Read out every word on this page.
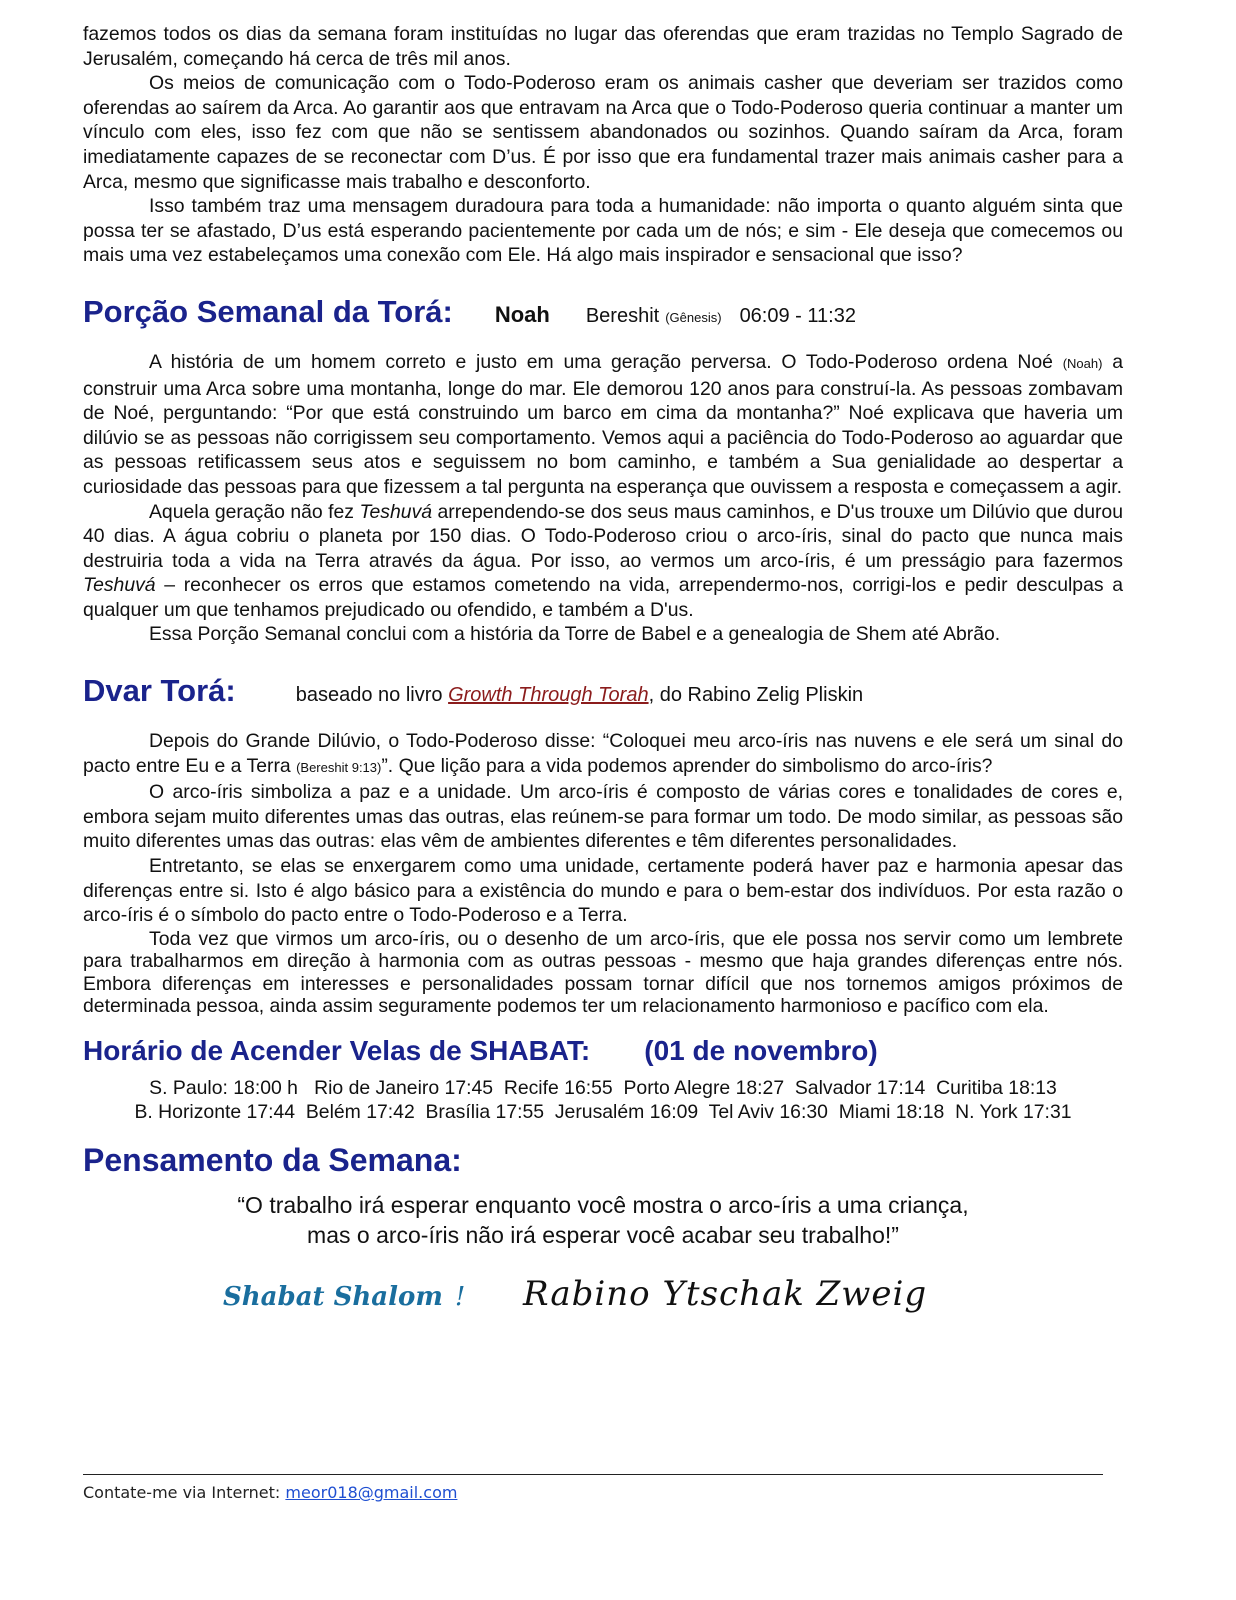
fazemos todos os dias da semana foram instituídas no lugar das oferendas que eram trazidas no Templo Sagrado de Jerusalém, começando há cerca de três mil anos.

Os meios de comunicação com o Todo-Poderoso eram os animais casher que deveriam ser trazidos como oferendas ao saírem da Arca. Ao garantir aos que entravam na Arca que o Todo-Poderoso queria continuar a manter um vínculo com eles, isso fez com que não se sentissem abandonados ou sozinhos. Quando saíram da Arca, foram imediatamente capazes de se reconectar com D’us. É por isso que era fundamental trazer mais animais casher para a Arca, mesmo que significasse mais trabalho e desconforto.

Isso também traz uma mensagem duradoura para toda a humanidade: não importa o quanto alguém sinta que possa ter se afastado, D’us está esperando pacientemente por cada um de nós; e sim - Ele deseja que comecemos ou mais uma vez estabeleçamos uma conexão com Ele. Há algo mais inspirador e sensacional que isso?

Porção Semanal da Torá: Noah Bereshit (Gênesis) 06:09 - 11:32

A história de um homem correto e justo em uma geração perversa. O Todo-Poderoso ordena Noé (Noah) a construir uma Arca sobre uma montanha, longe do mar. Ele demorou 120 anos para construí-la. As pessoas zombavam de Noé, perguntando: “Por que está construindo um barco em cima da montanha?” Noé explicava que haveria um dilúvio se as pessoas não corrigissem seu comportamento. Vemos aqui a paciência do Todo-Poderoso ao aguardar que as pessoas retificassem seus atos e seguissem no bom caminho, e também a Sua genialidade ao despertar a curiosidade das pessoas para que fizessem a tal pergunta na esperança que ouvissem a resposta e começassem a agir.

Aquela geração não fez Teshuvá arrependendo-se dos seus maus caminhos, e D'us trouxe um Dilúvio que durou 40 dias. A água cobriu o planeta por 150 dias. O Todo-Poderoso criou o arco-íris, sinal do pacto que nunca mais destruiria toda a vida na Terra através da água. Por isso, ao vermos um arco-íris, é um presságio para fazermos Teshuvá – reconhecer os erros que estamos cometendo na vida, arrependermo-nos, corrigi-los e pedir desculpas a qualquer um que tenhamos prejudicado ou ofendido, e também a D'us.

Essa Porção Semanal conclui com a história da Torre de Babel e a genealogia de Shem até Abrão.

Dvar Torá:	baseado no livro Growth Through Torah, do Rabino Zelig Pliskin

Depois do Grande Dilúvio, o Todo-Poderoso disse: “Coloquei meu arco-íris nas nuvens e ele será um sinal do pacto entre Eu e a Terra (Bereshit 9:13)”. Que lição para a vida podemos aprender do simbolismo do arco-íris?

O arco-íris simboliza a paz e a unidade. Um arco-íris é composto de várias cores e tonalidades de cores e, embora sejam muito diferentes umas das outras, elas reúnem-se para formar um todo. De modo similar, as pessoas são muito diferentes umas das outras: elas vêm de ambientes diferentes e têm diferentes personalidades.

Entretanto, se elas se enxergarem como uma unidade, certamente poderá haver paz e harmonia apesar das diferenças entre si. Isto é algo básico para a existência do mundo e para o bem-estar dos indivíduos. Por esta razão o arco-íris é o símbolo do pacto entre o Todo-Poderoso e a Terra.

Toda vez que virmos um arco-íris, ou o desenho de um arco-íris, que ele possa nos servir como um lembrete para trabalharmos em direção à harmonia com as outras pessoas - mesmo que haja grandes diferenças entre nós. Embora diferenças em interesses e personalidades possam tornar difícil que nos tornemos amigos próximos de determinada pessoa, ainda assim seguramente podemos ter um relacionamento harmonioso e pacífico com ela.

Horário de Acender Velas de SHABAT: (01 de novembro)
S. Paulo: 18:00 h   Rio de Janeiro 17:45  Recife 16:55  Porto Alegre 18:27  Salvador 17:14  Curitiba 18:13
B. Horizonte 17:44  Belém 17:42  Brasília 17:55  Jerusalém 16:09  Tel Aviv 16:30  Miami 18:18  N. York 17:31
Pensamento da Semana:
“O trabalho irá esperar enquanto você mostra o arco-íris a uma criança,
mas o arco-íris não irá esperar você acabar seu trabalho!”
Shabat Shalom ! Rabino Ytschak Zweig
Contate-me via Internet: meor018@gmail.com
